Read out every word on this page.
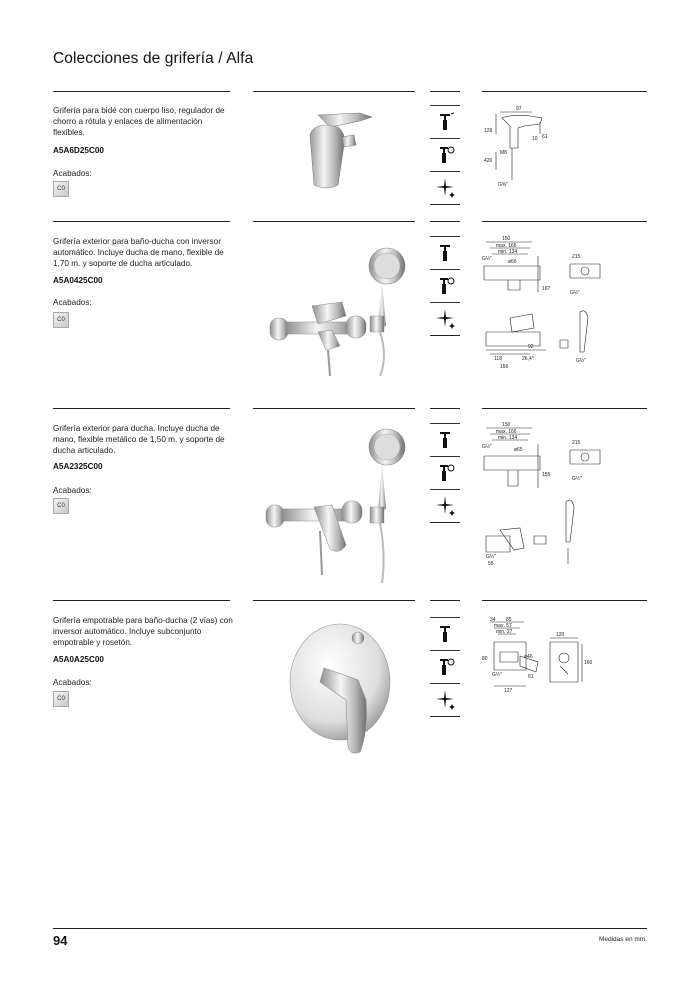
Colecciones de grifería / Alfa
Grifería para bidé con cuerpo liso, regulador de chorro a rótula y enlaces de alimentación flexibles.
A5A6D25C00
Acabados:
C0
97
128
10 61
M8
420
G⅜"
Grifería exterior para baño-ducha con inversor automático. Incluye ducha de mano, flexible de 1,70 m. y soporte de ducha articulado.
A5A0425C00
Acabados:
C0
150
max. 166
min. 134
G½"	ø66
215
167
G½"
92
118	26,4°
156
G½"
Grifería exterior para ducha. Incluye ducha de mano, flexible metálico de 1,50 m. y soporte de ducha articulado.
A5A2325C00
Acabados:
C0
150
max. 166
min. 134
G½"	ø65
215
155
G½"
G½"
55
Grifería empotrable para baño-ducha (2 vías) con inversor automático. Incluye subconjunto empotrable y rosetón.
A5A0A25C00
Acabados:
C0
34 85
max. 57
min. 27
ø46
80
G½"	61
127
120
160
94	Medidas en mm.
